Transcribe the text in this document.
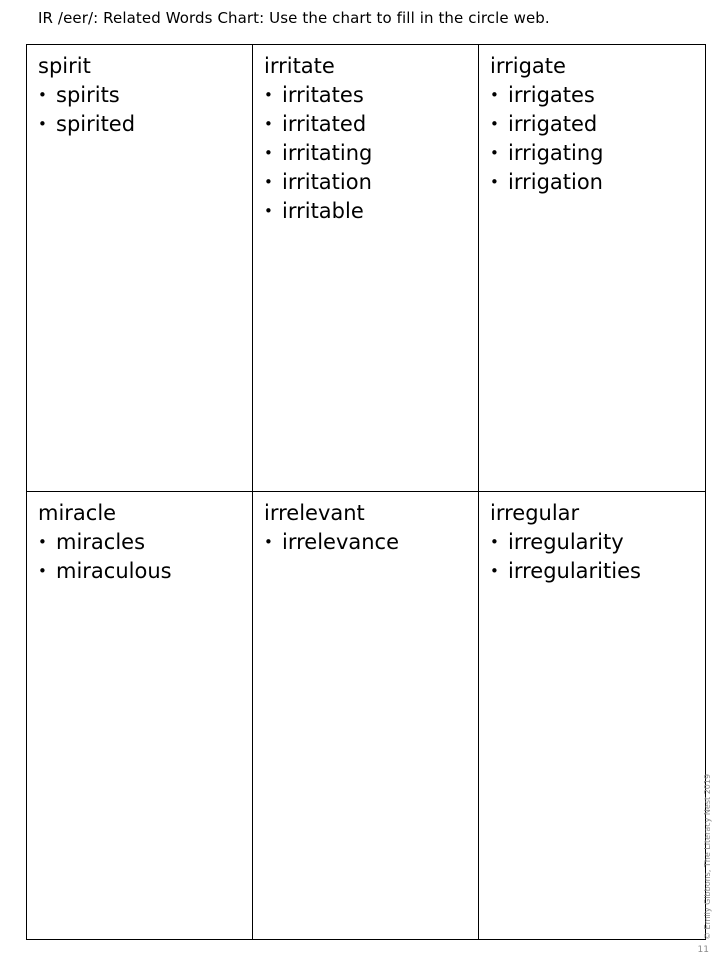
IR /eer/: Related Words Chart: Use the chart to fill in the circle web.
spirit
•
spirits
•
spirited
irritate
•
irritates
•
irritated
•
irritating
•
irritation
•
irritable
irrigate
•
irrigates
•
irrigated
•
irrigating
•
irrigation
miracle
•
miracles
•
miraculous
irrelevant
•
irrelevance
irregular
•
irregularity
•
irregularities
© Emily Gibbons, The Literacy Nest 2019
11
